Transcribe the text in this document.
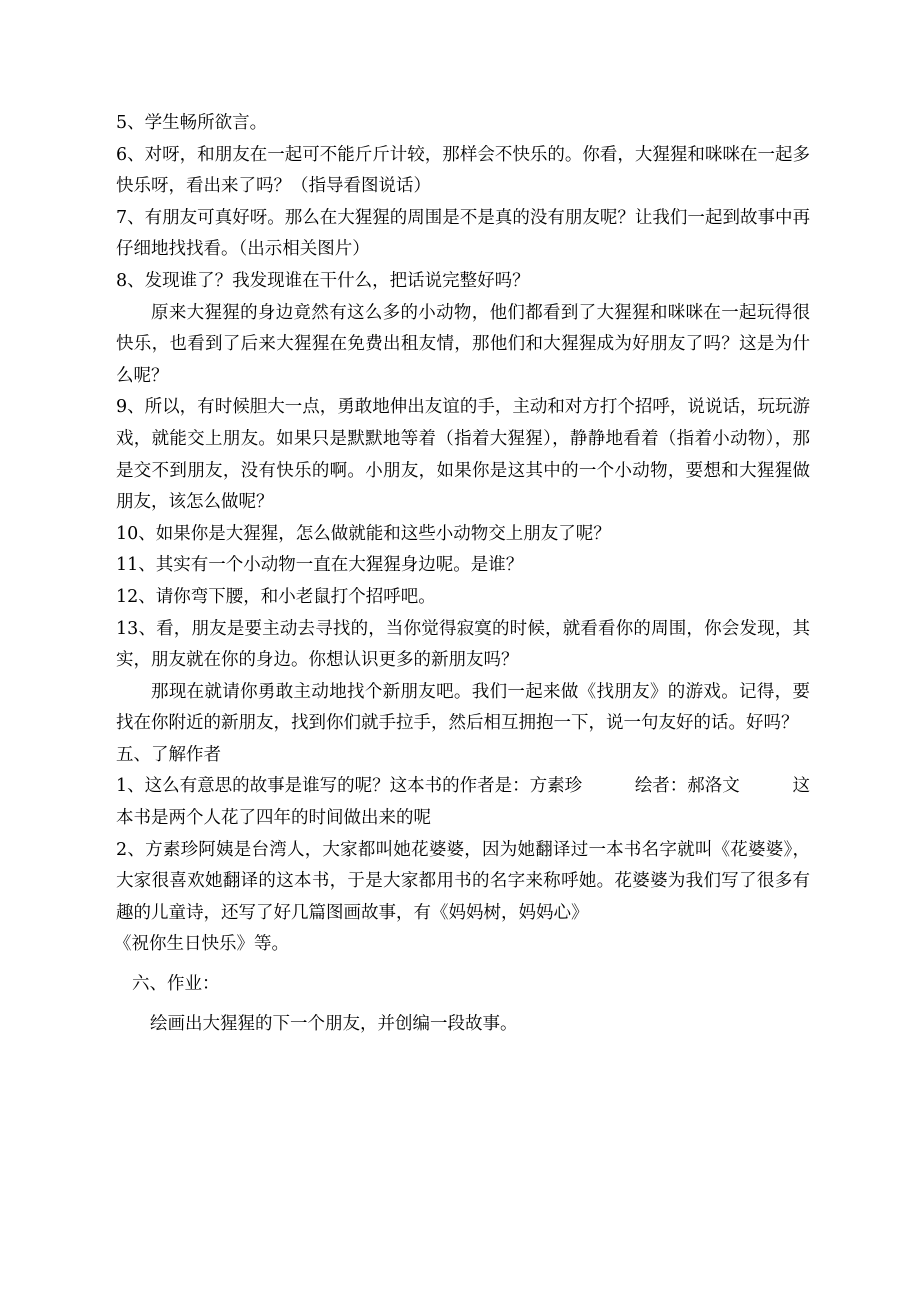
5、学生畅所欲言。

6、对呀，和朋友在一起可不能斤斤计较，那样会不快乐的。你看，大猩猩和咪咪在一起多快乐呀，看出来了吗？（指导看图说话）

7、有朋友可真好呀。那么在大猩猩的周围是不是真的没有朋友呢？让我们一起到故事中再仔细地找找看。（出示相关图片）

8、发现谁了？我发现谁在干什么，把话说完整好吗？

原来大猩猩的身边竟然有这么多的小动物，他们都看到了大猩猩和咪咪在一起玩得很快乐，也看到了后来大猩猩在免费出租友情，那他们和大猩猩成为好朋友了吗？这是为什么呢？

9、所以，有时候胆大一点，勇敢地伸出友谊的手，主动和对方打个招呼，说说话，玩玩游戏，就能交上朋友。如果只是默默地等着（指着大猩猩），静静地看着（指着小动物），那是交不到朋友，没有快乐的啊。小朋友，如果你是这其中的一个小动物，要想和大猩猩做朋友，该怎么做呢？

10、如果你是大猩猩，怎么做就能和这些小动物交上朋友了呢？

11、其实有一个小动物一直在大猩猩身边呢。是谁？

12、请你弯下腰，和小老鼠打个招呼吧。

13、看，朋友是要主动去寻找的，当你觉得寂寞的时候，就看看你的周围，你会发现，其实，朋友就在你的身边。你想认识更多的新朋友吗？

那现在就请你勇敢主动地找个新朋友吧。我们一起来做《找朋友》的游戏。记得，要找在你附近的新朋友，找到你们就手拉手，然后相互拥抱一下，说一句友好的话。好吗？

五、了解作者

1、这么有意思的故事是谁写的呢？这本书的作者是：方素珍	绘者：郝洛文	这

本书是两个人花了四年的时间做出来的呢

2、方素珍阿姨是台湾人，大家都叫她花婆婆，因为她翻译过一本书名字就叫《花婆婆》，大家很喜欢她翻译的这本书，于是大家都用书的名字来称呼她。花婆婆为我们写了很多有趣的儿童诗，还写了好几篇图画故事，有《妈妈树，妈妈心》

《祝你生日快乐》等。

六、作业：

绘画出大猩猩的下一个朋友，并创编一段故事。
